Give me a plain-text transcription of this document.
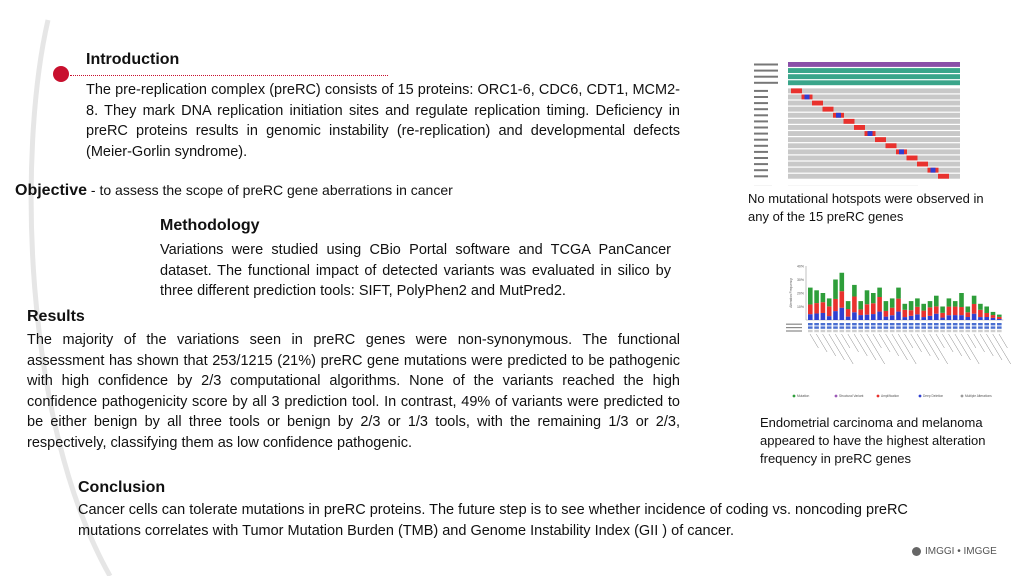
Introduction
The pre-replication complex (preRC) consists of 15 proteins: ORC1-6, CDC6, CDT1, MCM2-8. They mark DNA replication initiation sites and regulate replication timing. Deficiency in preRC proteins results in genomic instability (re-replication) and developmental defects (Meier-Gorlin syndrome).
Objective - to assess the scope of preRC gene aberrations in cancer
Methodology
Variations were studied using CBio Portal software and TCGA PanCancer dataset. The functional impact of detected variants was evaluated in silico by three different prediction tools: SIFT, PolyPhen2 and MutPred2.
Results
The majority of the variations seen in preRC genes were non-synonymous. The functional assessment has shown that 253/1215 (21%) preRC gene mutations were predicted to be pathogenic with high confidence by 2/3 computational algorithms. None of the variants reached the high confidence pathogenicity score by all 3 prediction tool. In contrast, 49% of variants were predicted to be either benign by all three tools or benign by 2/3 or 1/3 tools, with the remaining 1/3 or 2/3, respectively, classifying them as low confidence pathogenic.
Conclusion
Cancer cells can tolerate mutations in preRC proteins. The future step is to see whether incidence of coding vs. noncoding preRC mutations correlates with Tumor Mutation Burden (TMB) and Genome Instability Index (GII ) of cancer.
No mutational hotspots were observed in any of the 15 preRC genes
40%
30%
20%
10%
Alteration Frequency
Mutation	Structural Variant	Amplification	Deep Deletion	Multiple Alterations
Endometrial carcinoma and melanoma appeared to have the highest alteration frequency in preRC genes
IMGGI • IMGGE
